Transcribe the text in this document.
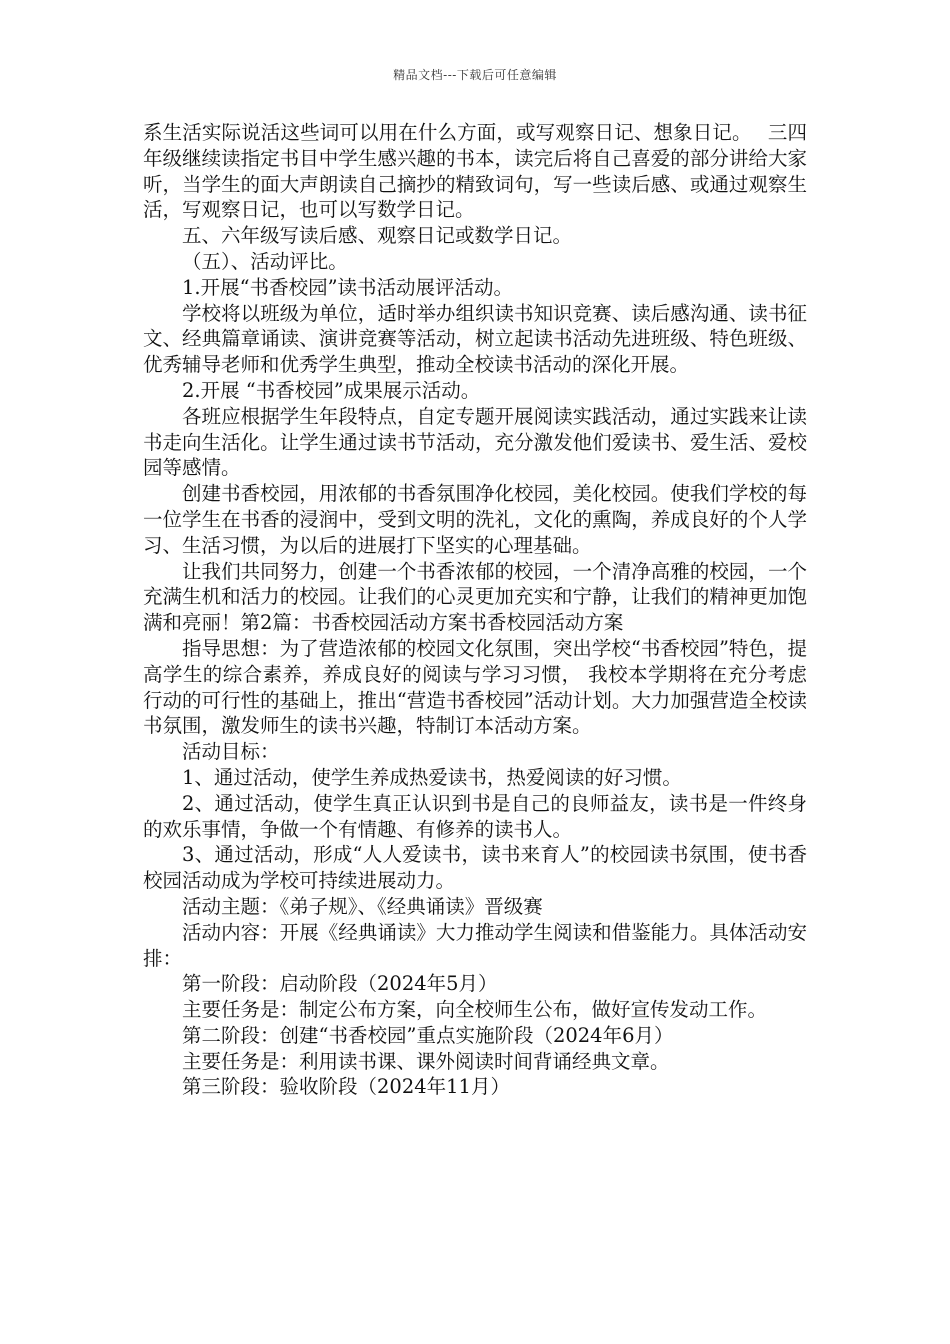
精品文档---下载后可任意编辑

系生活实际说活这些词可以用在什么方面，或写观察日记、想象日记。　 三四年级继续读指定书目中学生感兴趣的书本，读完后将自己喜爱的部分讲给大家听，当学生的面大声朗读自己摘抄的精致词句，写一些读后感、或通过观察生活，写观察日记，也可以写数学日记。

五、六年级写读后感、观察日记或数学日记。

（五）、活动评比。

1.开展“书香校园”读书活动展评活动。

学校将以班级为单位，适时举办组织读书知识竞赛、读后感沟通、读书征文、经典篇章诵读、演讲竞赛等活动，树立起读书活动先进班级、特色班级、优秀辅导老师和优秀学生典型，推动全校读书活动的深化开展。

2.开展 “书香校园”成果展示活动。

各班应根据学生年段特点，自定专题开展阅读实践活动，通过实践来让读书走向生活化。让学生通过读书节活动，充分激发他们爱读书、爱生活、爱校园等感情。

创建书香校园，用浓郁的书香氛围净化校园，美化校园。使我们学校的每一位学生在书香的浸润中，受到文明的洗礼，文化的熏陶，养成良好的个人学习、生活习惯，为以后的进展打下坚实的心理基础。

让我们共同努力，创建一个书香浓郁的校园，一个清净高雅的校园，一个充满生机和活力的校园。让我们的心灵更加充实和宁静，让我们的精神更加饱满和亮丽！第2篇：书香校园活动方案书香校园活动方案

指导思想：为了营造浓郁的校园文化氛围，突出学校“书香校园”特色，提高学生的综合素养，养成良好的阅读与学习习惯， 我校本学期将在充分考虑行动的可行性的基础上，推出“营造书香校园”活动计划。大力加强营造全校读书氛围，激发师生的读书兴趣，特制订本活动方案。

活动目标：

1、通过活动，使学生养成热爱读书，热爱阅读的好习惯。

2、通过活动，使学生真正认识到书是自己的良师益友，读书是一件终身的欢乐事情，争做一个有情趣、有修养的读书人。

3、通过活动，形成“人人爱读书，读书来育人”的校园读书氛围，使书香校园活动成为学校可持续进展动力。

活动主题：《弟子规》、《经典诵读》晋级赛

活动内容：开展《经典诵读》大力推动学生阅读和借鉴能力。具体活动安排：

第一阶段：启动阶段（2024年5月）

主要任务是：制定公布方案，向全校师生公布，做好宣传发动工作。

第二阶段：创建“书香校园”重点实施阶段（2024年6月）

主要任务是：利用读书课、课外阅读时间背诵经典文章。

第三阶段：验收阶段（2024年11月）
